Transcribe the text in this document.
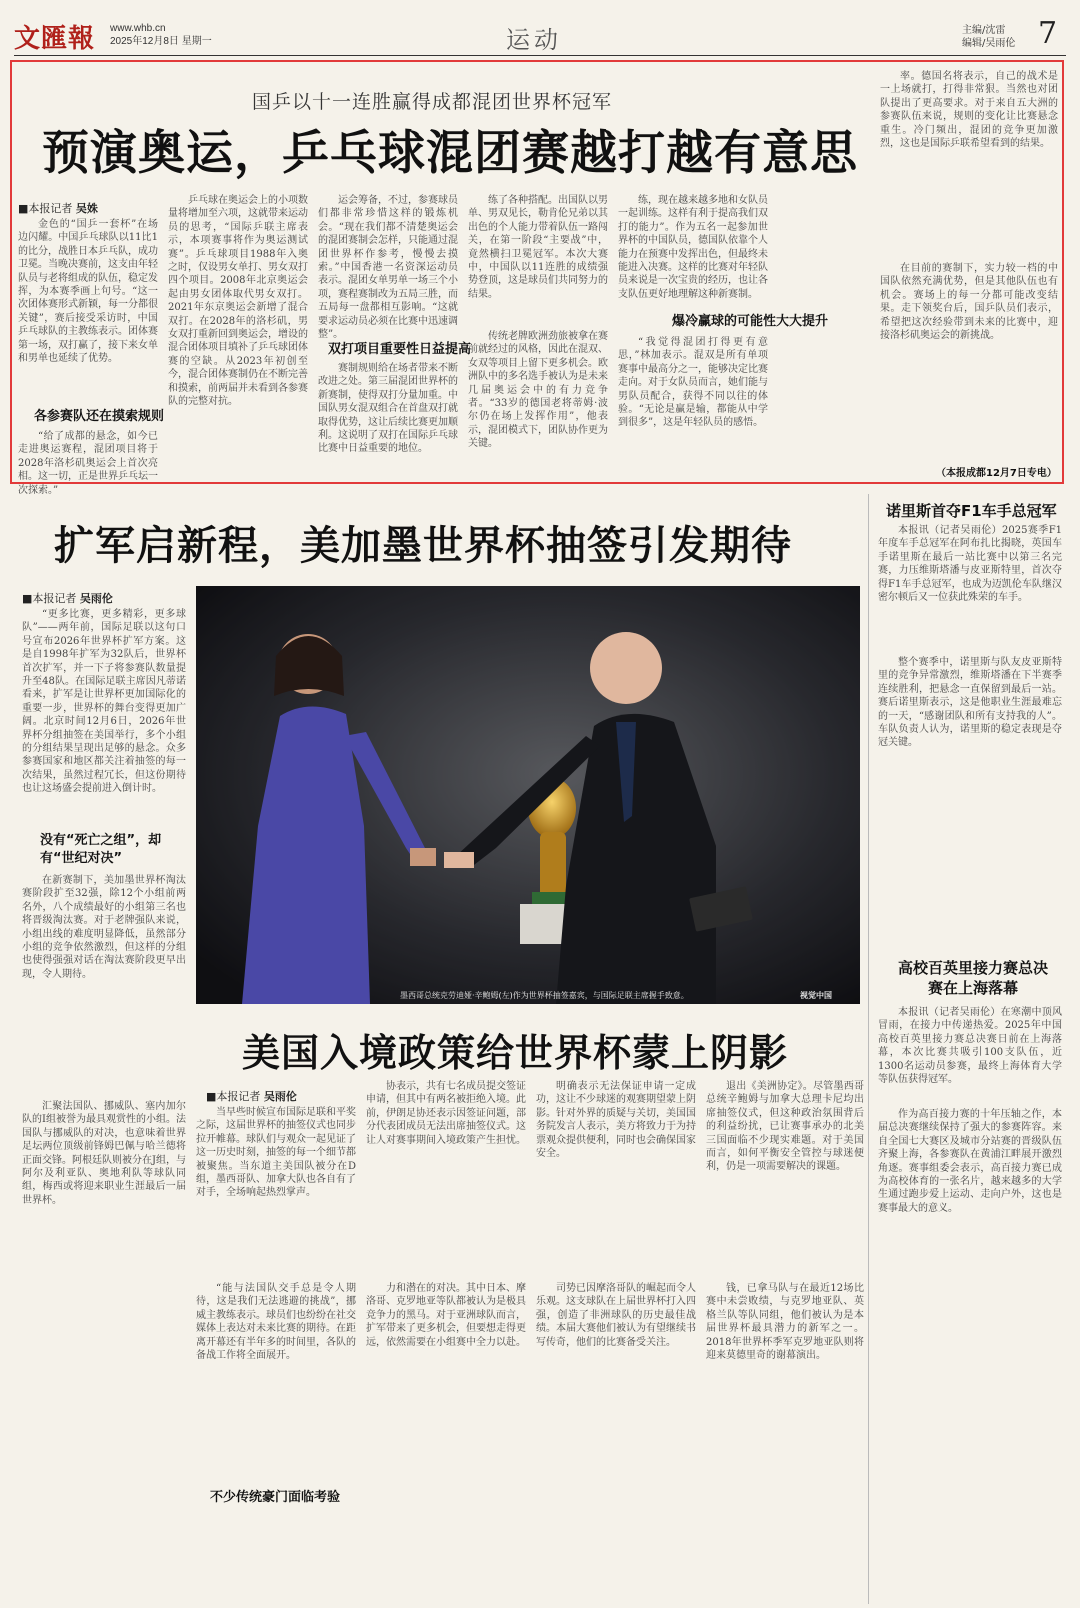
文匯報 www.whb.cn
2025年12月8日 星期一	运动	主编/沈雷
编辑/吴雨伦 7
国乒以十一连胜赢得成都混团世界杯冠军
预演奥运，乒乓球混团赛越打越有意思
■本报记者 吴姝

金色的“国乒一套杯”在场边闪耀。中国乒乓球队以11比1的比分，战胜日本乒乓队，成功卫冕。当晚决赛前，这支由年轻队员与老将组成的队伍，稳定发挥，为本赛季画上句号。“这一次团体赛形式新颖，每一分都很关键”，赛后接受采访时，中国乒乓球队的主教练表示。团体赛第一场，双打赢了，接下来女单和男单也延续了优势。

各参赛队还在摸索规则

“给了成都的悬念，如今已走进奥运赛程，混团项目将于2028年洛杉矶奥运会上首次亮相。这一切，正是世界乒乓坛一次探索。”

乒乓球在奥运会上的小项数量将增加至六项，这就带来运动员的思考，“国际乒联主席表示，本项赛事将作为奥运测试赛”。乒乓球项目1988年入奥之时，仅设男女单打、男女双打四个项目。2008年北京奥运会起由男女团体取代男女双打。2021年东京奥运会新增了混合双打。在2028年的洛杉矶，男女双打重新回到奥运会，增设的混合团体项目填补了乒乓球团体赛的空缺。从2023年初创至今，混合团体赛制仍在不断完善和摸索，前两届并未看到各参赛队的完整对抗。

运会筹备，不过，参赛球员们都非常珍惜这样的锻炼机会。“现在我们都不清楚奥运会的混团赛制会怎样，只能通过混团世界杯作参考，慢慢去摸索。”中国香港一名资深运动员表示。混团女单男单一场三个小项，赛程赛制改为五局三胜，而五局每一盘都相互影响。“这就要求运动员必须在比赛中迅速调整”。

双打项目重要性日益提高

赛制规则给在场者带来不断改进之处。第三届混团世界杯的新赛制，使得双打分量加重。中国队男女混双组合在首盘双打就取得优势，这让后续比赛更加顺利。这说明了双打在国际乒乓球比赛中日益重要的地位。

练了各种搭配。出国队以男单、男双见长，勒肯伦兄弟以其出色的个人能力带着队伍一路闯关，在第一阶段“主要战”中，竟然横扫卫冕冠军。本次大赛中，中国队以11连胜的成绩强势登顶，这是球员们共同努力的结果。

传统老牌欧洲劲旅被拿在赛前就经过的风格，因此在混双、女双等项目上留下更多机会。欧洲队中的多名选手被认为是未来几届奥运会中的有力竞争者。“33岁的德国老将蒂姆·波尔仍在场上发挥作用”，他表示，混团模式下，团队协作更为关键。

练，现在越来越多地和女队员一起训练。这样有利于提高我们双打的能力”。作为五名一起参加世界杯的中国队员，德国队依靠个人能力在预赛中发挥出色，但最终未能进入决赛。这样的比赛对年轻队员来说是一次宝贵的经历，也让各支队伍更好地理解这种新赛制。

爆冷赢球的可能性大大提升

“我觉得混团打得更有意思，”林加表示。混双是所有单项赛事中最高分之一，能够决定比赛走向。对于女队员而言，她们能与男队员配合，获得不同以往的体验。“无论是赢是输，都能从中学到很多”，这是年轻队员的感悟。

率。德国名将表示，自己的战术是一上场就打，打得非常狠。当然也对团队提出了更高要求。对于来自五大洲的参赛队伍来说，规则的变化让比赛悬念重生。冷门频出，混团的竞争更加激烈，这也是国际乒联希望看到的结果。

在目前的赛制下，实力较一档的中国队依然充满优势，但是其他队伍也有机会。赛场上的每一分都可能改变结果。走下领奖台后，国乒队员们表示，希望把这次经验带到未来的比赛中，迎接洛杉矶奥运会的新挑战。

（本报成都12月7日专电）
扩军启新程，美加墨世界杯抽签引发期待
■本报记者 吴雨伦

“更多比赛，更多精彩，更多球队”——两年前，国际足联以这句口号宣布2026年世界杯扩军方案。这是自1998年扩军为32队后，世界杯首次扩军，并一下子将参赛队数量提升至48队。在国际足联主席因凡蒂诺看来，扩军是让世界杯更加国际化的重要一步，世界杯的舞台变得更加广阔。北京时间12月6日，2026年世界杯分组抽签在美国举行，多个小组的分组结果呈现出足够的悬念。众多参赛国家和地区都关注着抽签的每一次结果，虽然过程冗长，但这份期待也让这场盛会提前进入倒计时。

没有“死亡之组”，却有“世纪对决”

在新赛制下，美加墨世界杯淘汰赛阶段扩至32强，除12个小组前两名外，八个成绩最好的小组第三名也将晋级淘汰赛。对于老牌强队来说，小组出线的难度明显降低，虽然部分小组的竞争依然激烈，但这样的分组也使得强强对话在淘汰赛阶段更早出现，令人期待。

汇聚法国队、挪威队、塞内加尔队的I组被誉为最具观赏性的小组。法国队与挪威队的对决，也意味着世界足坛两位顶级前锋姆巴佩与哈兰德将正面交锋。阿根廷队则被分在J组，与阿尔及利亚队、奥地利队等球队同组，梅西或将迎来职业生涯最后一届世界杯。

墨西哥总统克劳迪娅·辛鲍姆(左)作为世界杯抽签嘉宾，与国际足联主席握手致意。	视觉中国
美国入境政策给世界杯蒙上阴影
■本报记者 吴雨伦

当早些时候宣布国际足联和平奖之际，这届世界杯的抽签仪式也同步拉开帷幕。球队们与观众一起见证了这一历史时刻，抽签的每一个细节都被聚焦。当东道主美国队被分在D组，墨西哥队、加拿大队也各自有了对手，全场响起热烈掌声。

协表示，共有七名成员提交签证申请，但其中有两名被拒绝入境。此前，伊朗足协还表示因签证问题，部分代表团成员无法出席抽签仪式。这让人对赛事期间入境政策产生担忧。

明确表示无法保证申请一定成功，这让不少球迷的观赛期望蒙上阴影。针对外界的质疑与关切，美国国务院发言人表示，美方将致力于为持票观众提供便利，同时也会确保国家安全。

退出《美洲协定》。尽管墨西哥总统辛鲍姆与加拿大总理卡尼均出席抽签仪式，但这种政治氛围背后的利益纷扰，已让赛事承办的北美三国面临不少现实难题。对于美国而言，如何平衡安全管控与球迷便利，仍是一项需要解决的课题。

“能与法国队交手总是令人期待，这是我们无法逃避的挑战”，挪威主教练表示。球员们也纷纷在社交媒体上表达对未来比赛的期待。在距离开幕还有半年多的时间里，各队的备战工作将全面展开。

不少传统豪门面临考验

力和潜在的对决。其中日本、摩洛哥、克罗地亚等队都被认为是极具竞争力的黑马。对于亚洲球队而言，扩军带来了更多机会，但要想走得更远，依然需要在小组赛中全力以赴。

司势已因摩洛哥队的崛起而令人乐观。这支球队在上届世界杯打入四强，创造了非洲球队的历史最佳战绩。本届大赛他们被认为有望继续书写传奇，他们的比赛备受关注。

钱，已拿马队与在最近12场比赛中未尝败绩，与克罗地亚队、英格兰队等队同组，他们被认为是本届世界杯最具潜力的新军之一。2018年世界杯季军克罗地亚队则将迎来莫德里奇的谢幕演出。

诺里斯首夺F1车手总冠军

本报讯（记者吴雨伦）2025赛季F1年度车手总冠军在阿布扎比揭晓，英国车手诺里斯在最后一站比赛中以第三名完赛，力压维斯塔潘与皮亚斯特里，首次夺得F1车手总冠军，也成为迈凯伦车队继汉密尔顿后又一位获此殊荣的车手。

整个赛季中，诺里斯与队友皮亚斯特里的竞争异常激烈，维斯塔潘在下半赛季连续胜利，把悬念一直保留到最后一站。赛后诺里斯表示，这是他职业生涯最难忘的一天，“感谢团队和所有支持我的人”。车队负责人认为，诺里斯的稳定表现是夺冠关键。

高校百英里接力赛总决赛在上海落幕

本报讯（记者吴雨伦）在寒潮中顶风冒雨，在接力中传递热爱。2025年中国高校百英里接力赛总决赛日前在上海落幕，本次比赛共吸引100支队伍，近1300名运动员参赛，最终上海体育大学等队伍获得冠军。

作为高百接力赛的十年压轴之作，本届总决赛继续保持了强大的参赛阵容。来自全国七大赛区及城市分站赛的晋级队伍齐聚上海，各参赛队在黄浦江畔展开激烈角逐。赛事组委会表示，高百接力赛已成为高校体育的一张名片，越来越多的大学生通过跑步爱上运动、走向户外，这也是赛事最大的意义。
